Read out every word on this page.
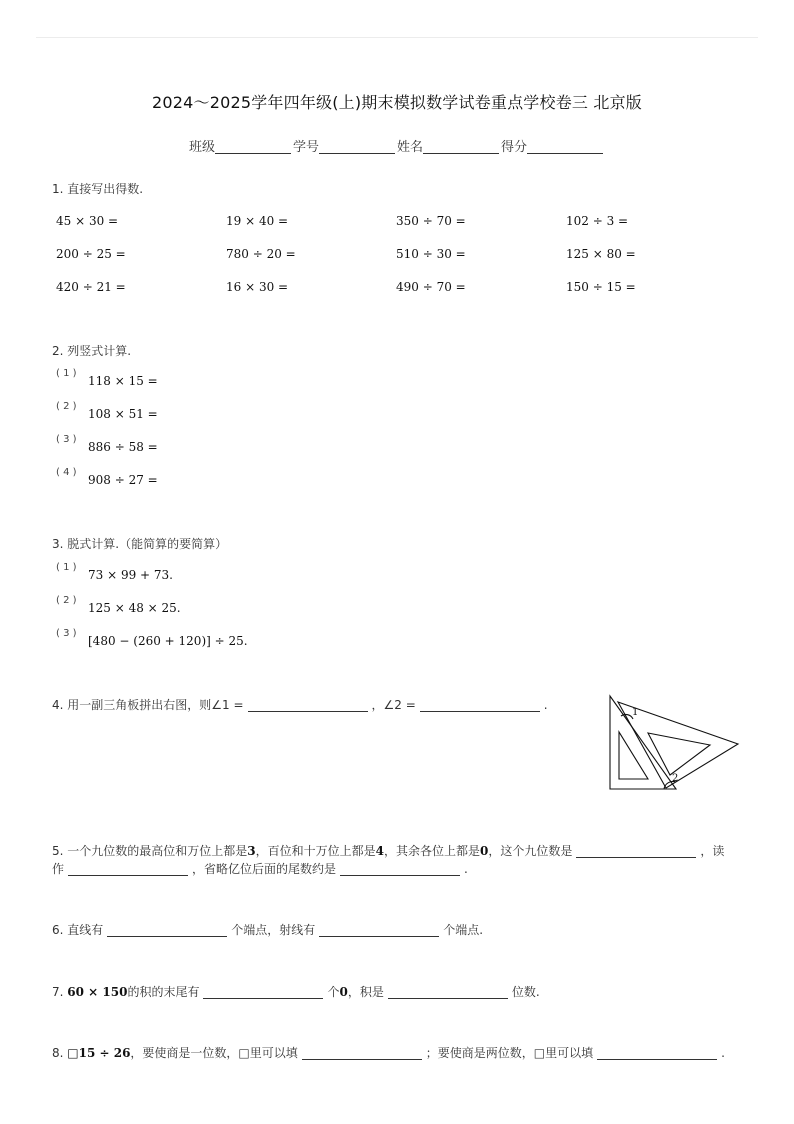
2024～2025学年四年级(上)期末模拟数学试卷重点学校卷三 北京版
班级	学号	姓名	得分
1. 直接写出得数.
45 × 30 =	19 × 40 =	350 ÷ 70 =	102 ÷ 3 =
200 ÷ 25 =	780 ÷ 20 =	510 ÷ 30 =	125 × 80 =
420 ÷ 21 =	16 × 30 =	490 ÷ 70 =	150 ÷ 15 =
2. 列竖式计算.
( 1 )
118 × 15 =
( 2 )
108 × 51 =
( 3 )
886 ÷ 58 =
( 4 )
908 ÷ 27 =
3. 脱式计算.（能简算的要简算）
( 1 )
73 × 99 + 73.
( 2 )
125 × 48 × 25.
( 3 )
[480 − (260 + 120)] ÷ 25.
4. 用一副三角板拼出右图，则∠1 =	，∠2 =	.
1
2
5. 一个九位数的最高位和万位上都是3，百位和十万位上都是4，其余各位上都是0，这个九位数是	，读
作	，省略亿位后面的尾数约是	.
6. 直线有	个端点，射线有	个端点.
7. 60 × 150的积的末尾有	个0，积是	位数.
8. □15 ÷ 26，要使商是一位数，□里可以填	；要使商是两位数，□里可以填	.
